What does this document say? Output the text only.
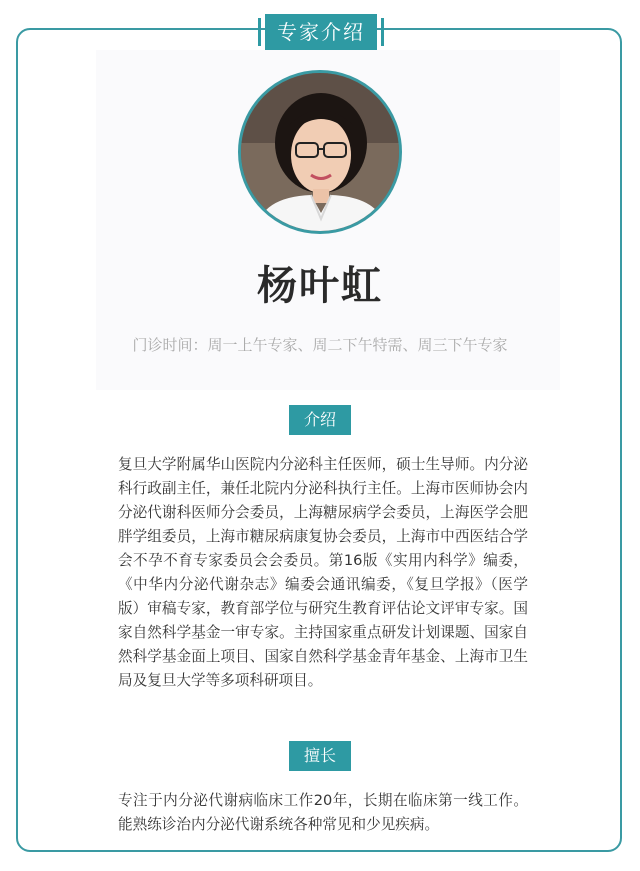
专家介绍
杨叶虹
门诊时间：周一上午专家、周二下午特需、周三下午专家
介绍
复旦大学附属华山医院内分泌科主任医师，硕士生导师。内分泌科行政副主任，兼任北院内分泌科执行主任。上海市医师协会内分泌代谢科医师分会委员，上海糖尿病学会委员，上海医学会肥胖学组委员，上海市糖尿病康复协会委员，上海市中西医结合学会不孕不育专家委员会会委员。第16版《实用内科学》编委，《中华内分泌代谢杂志》编委会通讯编委，《复旦学报》（医学版）审稿专家，教育部学位与研究生教育评估论文评审专家。国家自然科学基金一审专家。主持国家重点研发计划课题、国家自然科学基金面上项目、国家自然科学基金青年基金、上海市卫生局及复旦大学等多项科研项目。
擅长
专注于内分泌代谢病临床工作20年，长期在临床第一线工作。能熟练诊治内分泌代谢系统各种常见和少见疾病。
